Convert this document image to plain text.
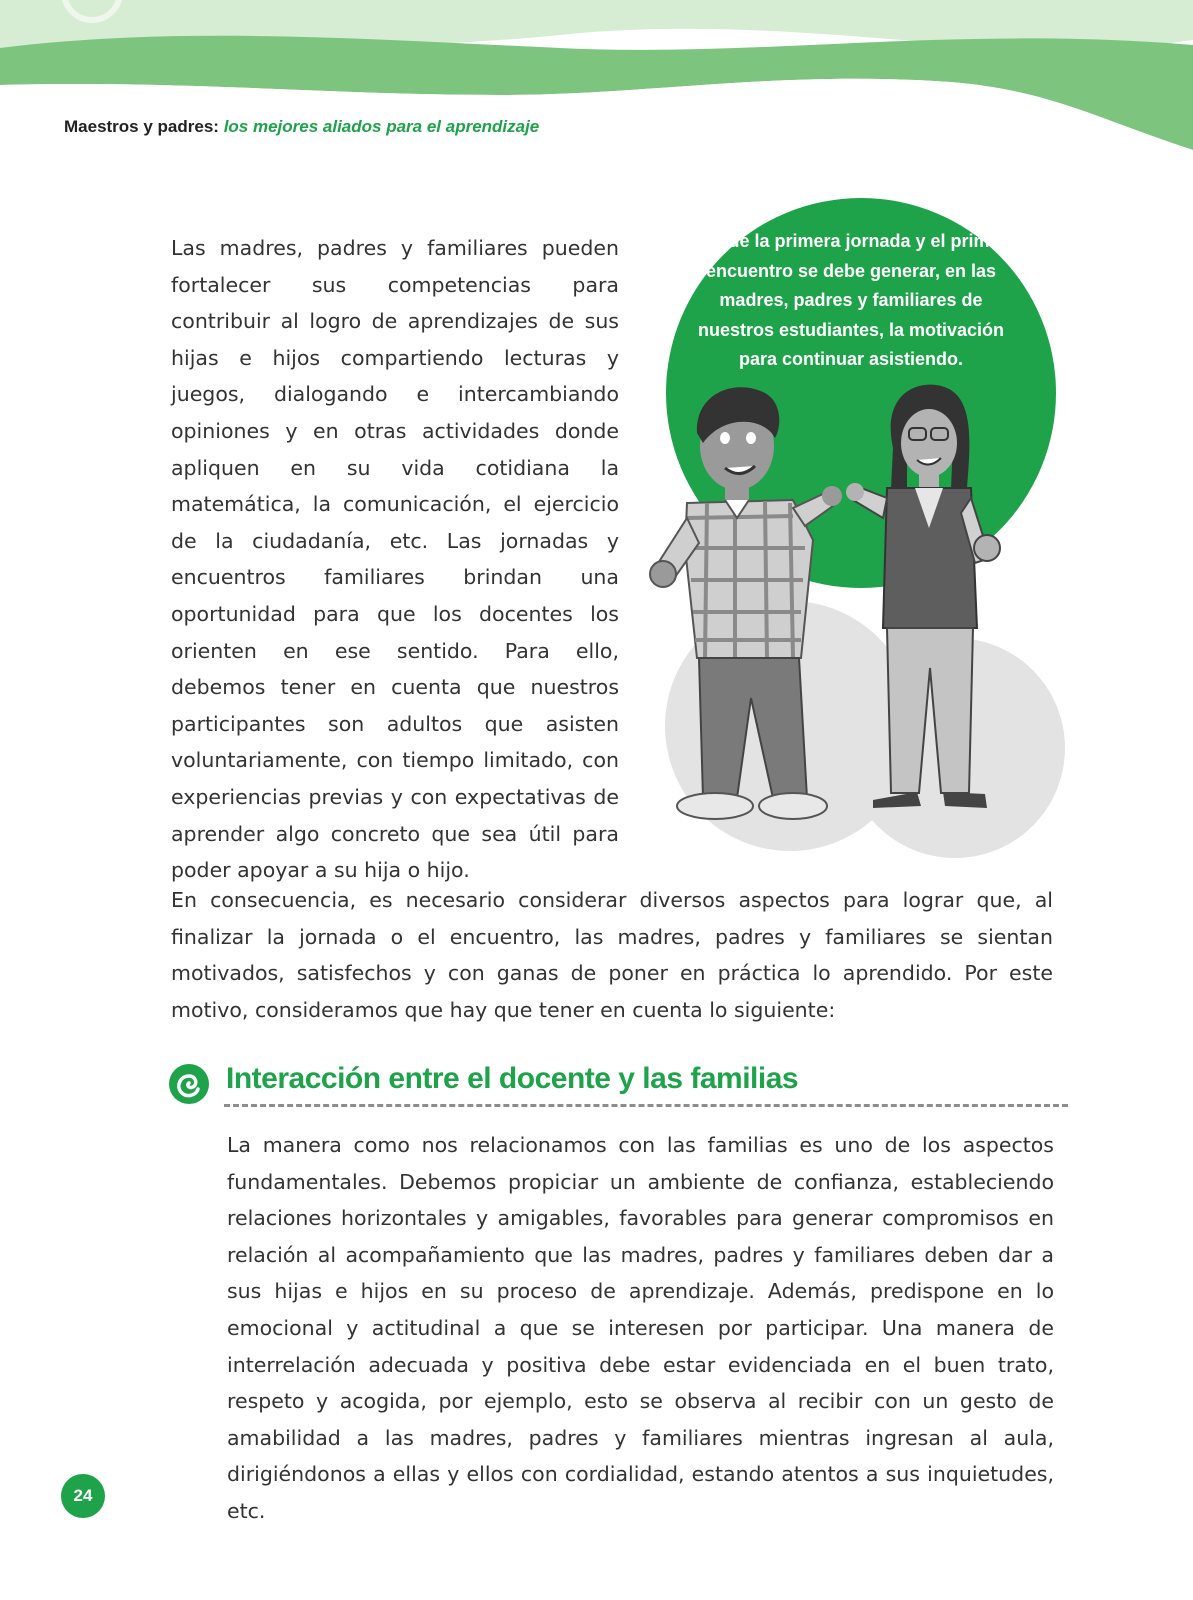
Maestros y padres: los mejores aliados para el aprendizaje

Las madres, padres y familiares pueden fortalecer sus competencias para contribuir al logro de aprendizajes de sus hijas e hijos compartiendo lecturas y juegos, dialogando e intercambiando opiniones y en otras actividades donde apliquen en su vida cotidiana la matemática, la comunicación, el ejercicio de la ciudadanía, etc. Las jornadas y encuentros familiares brindan una oportunidad para que los docentes los orienten en ese sentido. Para ello, debemos tener en cuenta que nuestros participantes son adultos que asisten voluntariamente, con tiempo limitado, con experiencias previas y con expectativas de aprender algo concreto que sea útil para poder apoyar a su hija o hijo.

Desde la primera jornada y el primer encuentro se debe generar, en las madres, padres y familiares de nuestros estudiantes, la motivación para continuar asistiendo.

En consecuencia, es necesario considerar diversos aspectos para lograr que, al finalizar la jornada o el encuentro, las madres, padres y familiares se sientan motivados, satisfechos y con ganas de poner en práctica lo aprendido. Por este motivo, consideramos que hay que tener en cuenta lo siguiente:

Interacción entre el docente y las familias

La manera como nos relacionamos con las familias es uno de los aspectos fundamentales. Debemos propiciar un ambiente de confianza, estableciendo relaciones horizontales y amigables, favorables para generar compromisos en relación al acompañamiento que las madres, padres y familiares deben dar a sus hijas e hijos en su proceso de aprendizaje. Además, predispone en lo emocional y actitudinal a que se interesen por participar. Una manera de interrelación adecuada y positiva debe estar evidenciada en el buen trato, respeto y acogida, por ejemplo, esto se observa al recibir con un gesto de amabilidad a las madres, padres y familiares mientras ingresan al aula, dirigiéndonos a ellas y ellos con cordialidad, estando atentos a sus inquietudes, etc.

24
